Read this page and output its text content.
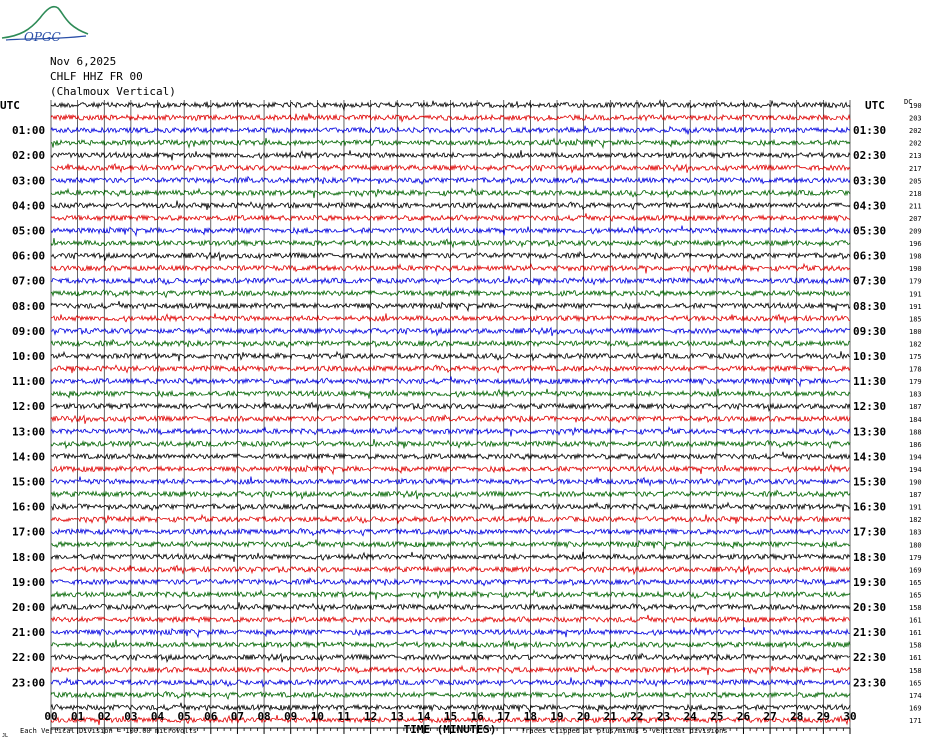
OPGC
Nov 6,2025
CHLF HHZ FR 00
(Chalmoux Vertical)
UTC	UTC	DC
01:00
02:00
03:00
04:00
05:00
06:00
07:00
08:00
09:00
10:00
11:00
12:00
13:00
14:00
15:00
16:00
17:00
18:00
19:00
20:00
21:00
22:00
23:00
01:30
02:30
03:30
04:30
05:30
06:30
07:30
08:30
09:30
10:30
11:30
12:30
13:30
14:30
15:30
16:30
17:30
18:30
19:30
20:30
21:30
22:30
23:30
190
203
202
202
213
217
205
218
211
207
209
196
198
190
179
191
191
185
180
182
175
178
179
183
187
184
188
186
194
194
190
187
191
182
183
180
179
169
165
165
158
161
161
158
161
158
165
174
169
171
00 01 02 03 04 05 06 07 08 09 10 11 12 13 14 15 16 17 18 19 20 21 22 23 24 25 26 27 28 29 30
TIME (MINUTES)
Each Vertical Division = 100.00 microvolts	Traces clipped at plus/minus 5 vertical divisions
JL
